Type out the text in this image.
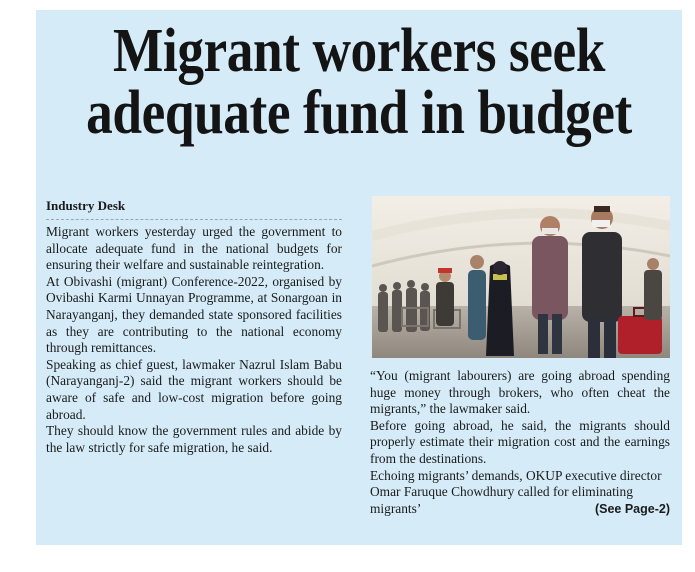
Migrant workers seek
adequate fund in budget
Industry Desk

Migrant workers yesterday urged the government to allocate adequate fund in the national budgets for ensuring their welfare and sustainable reintegration.

At Obivashi (migrant) Conference-2022, organised by Ovibashi Karmi Unnayan Programme, at Sonargoan in Narayanganj, they demanded state sponsored facilities as they are contributing to the national economy through remittances.

Speaking as chief guest, lawmaker Nazrul Islam Babu (Narayanganj-2) said the migrant workers should be aware of safe and low-cost migration before going abroad.

They should know the government rules and abide by the law strictly for safe migration, he said.

“You (migrant labourers) are going abroad spending huge money through brokers, who often cheat the migrants,” the lawmaker said.

Before going abroad, he said, the migrants should properly estimate their migration cost and the earnings from the destinations.

Echoing migrants’ demands, OKUP executive director Omar Faruque Chowdhury called for eliminating migrants’	(See Page-2)
